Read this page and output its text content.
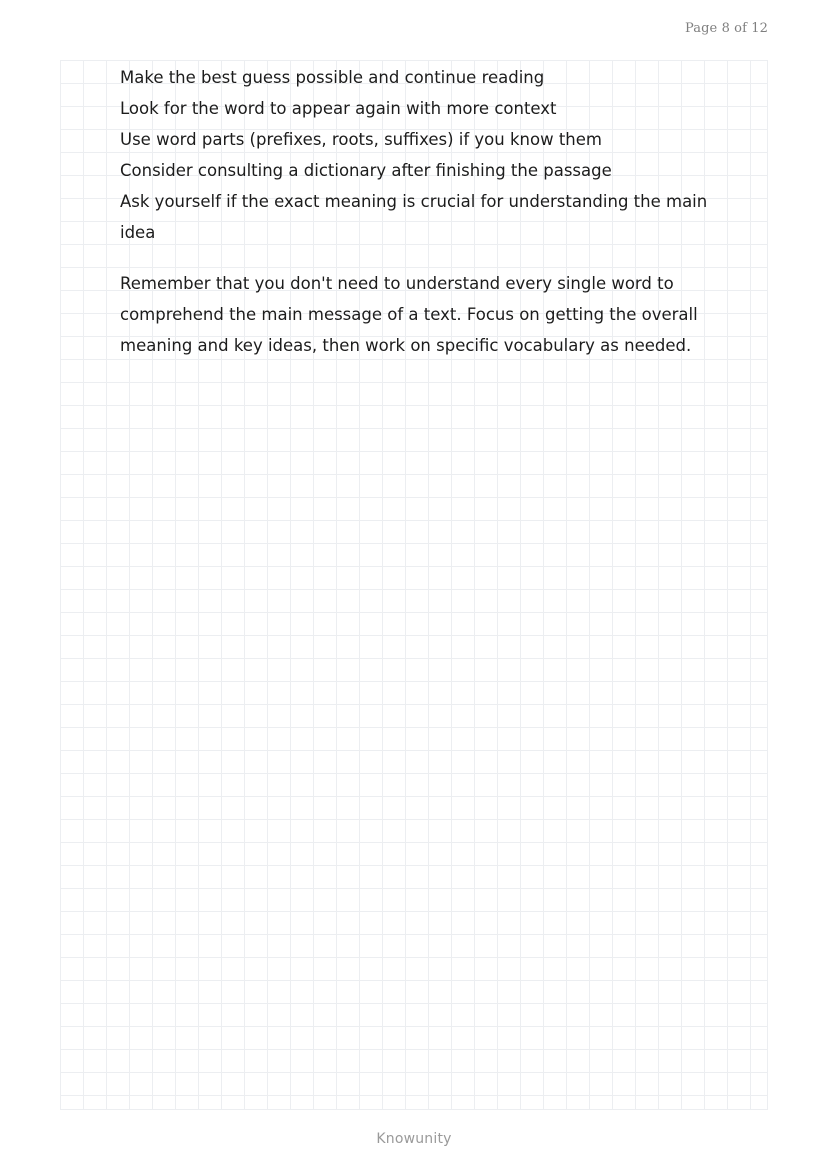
Page 8 of 12
Make the best guess possible and continue reading
Look for the word to appear again with more context
Use word parts (prefixes, roots, suffixes) if you know them
Consider consulting a dictionary after finishing the passage
Ask yourself if the exact meaning is crucial for understanding the main idea

Remember that you don't need to understand every single word to comprehend the main message of a text. Focus on getting the overall meaning and key ideas, then work on specific vocabulary as needed.

Knowunity
